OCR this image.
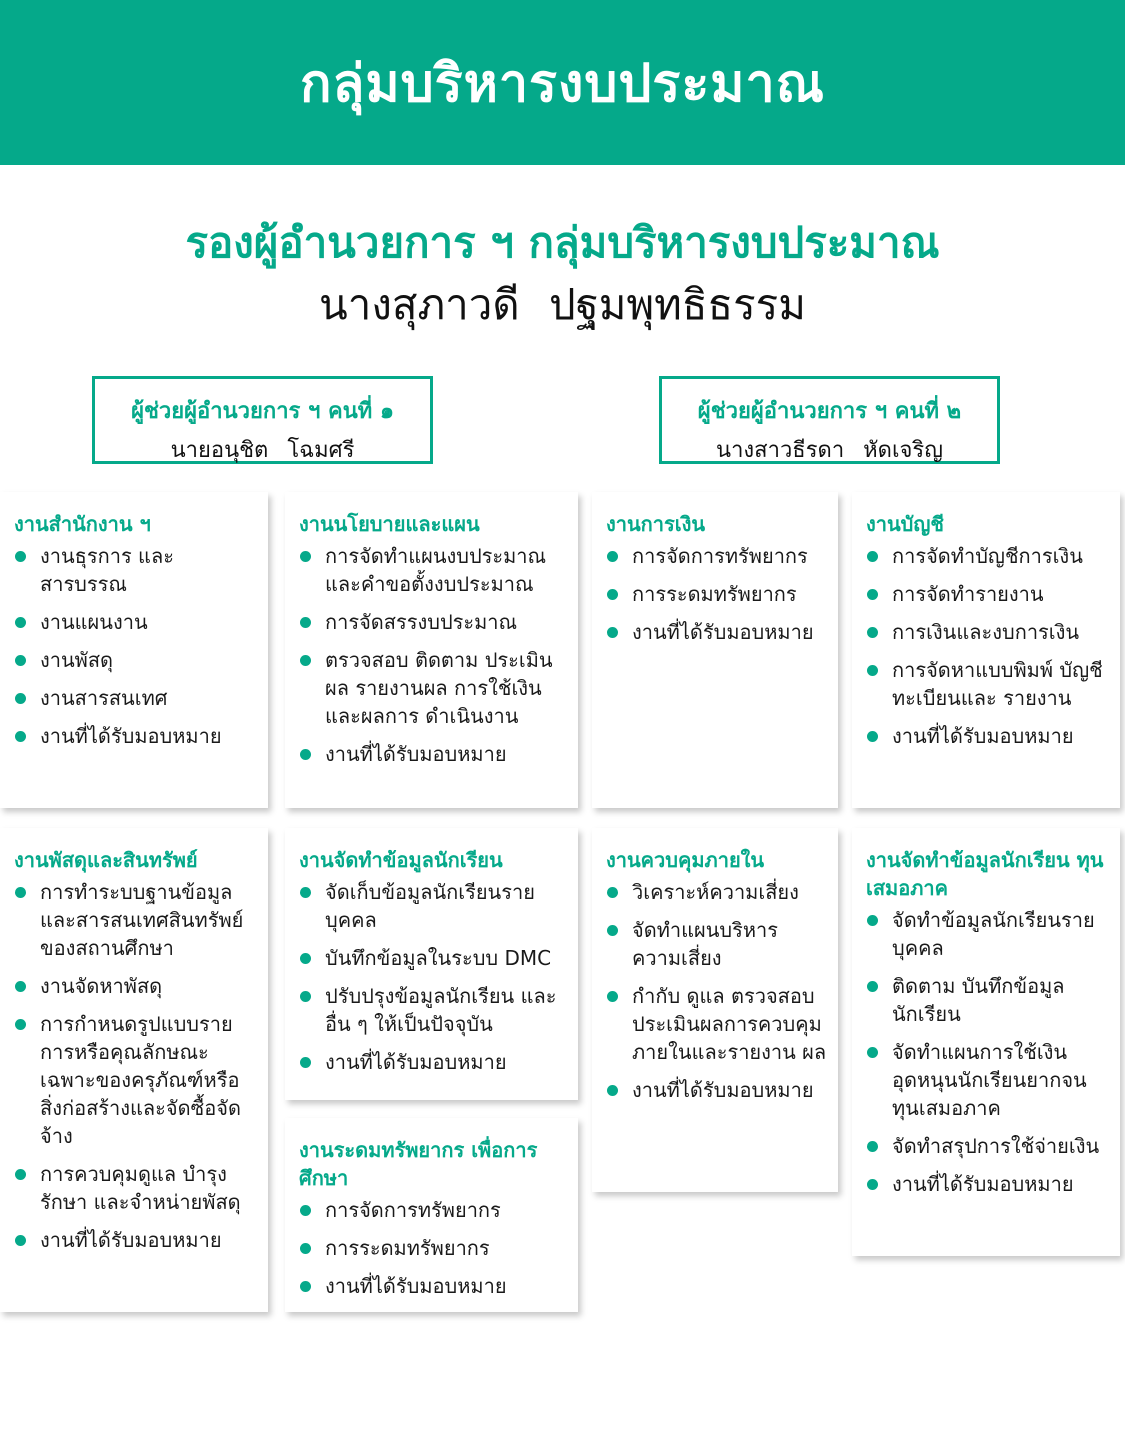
กลุ่มบริหารงบประมาณ
รองผู้อำนวยการ ฯ กลุ่มบริหารงบประมาณ
นางสุภาวดี ปฐมพุทธิธรรม
ผู้ช่วยผู้อำนวยการ ฯ คนที่ ๑
นายอนุชิต โฉมศรี
ผู้ช่วยผู้อำนวยการ ฯ คนที่ ๒
นางสาวธีรดา หัดเจริญ
งานสำนักงาน ฯ
งานธุรการ และสารบรรณ
งานแผนงาน
งานพัสดุ
งานสารสนเทศ
งานที่ได้รับมอบหมาย
งานนโยบายและแผน
การจัดทำแผนงบประมาณ และคำขอตั้งงบประมาณ
การจัดสรรงบประมาณ
ตรวจสอบ ติดตาม ประเมินผล รายงานผล การใช้เงินและผลการ ดำเนินงาน
งานที่ได้รับมอบหมาย
งานการเงิน
การจัดการทรัพยากร
การระดมทรัพยากร
งานที่ได้รับมอบหมาย
งานบัญชี
การจัดทำบัญชีการเงิน
การจัดทำรายงาน
การเงินและงบการเงิน
การจัดหาแบบพิมพ์ บัญชีทะเบียนและ รายงาน
งานที่ได้รับมอบหมาย
งานพัสดุและสินทรัพย์
การทำระบบฐานข้อมูล และสารสนเทศสินทรัพย์ ของสถานศึกษา
งานจัดหาพัสดุ
การกำหนดรูปแบบราย การหรือคุณลักษณะ เฉพาะของครุภัณฑ์หรือ สิ่งก่อสร้างและจัดซื้อจัด จ้าง
การควบคุมดูแล บำรุง รักษา และจำหน่ายพัสดุ
งานที่ได้รับมอบหมาย
งานจัดทำข้อมูลนักเรียน
จัดเก็บข้อมูลนักเรียนราย บุคคล
บันทึกข้อมูลในระบบ DMC
ปรับปรุงข้อมูลนักเรียน และอื่น ๆ ให้เป็นปัจจุบัน
งานที่ได้รับมอบหมาย
งานระดมทรัพยากร เพื่อการศึกษา
การจัดการทรัพยากร
การระดมทรัพยากร
งานที่ได้รับมอบหมาย
งานควบคุมภายใน
วิเคราะห์ความเสี่ยง
จัดทำแผนบริหาร ความเสี่ยง
กำกับ ดูแล ตรวจสอบ ประเมินผลการควบคุม ภายในและรายงาน ผล
งานที่ได้รับมอบหมาย
งานจัดทำข้อมูลนักเรียน ทุนเสมอภาค
จัดทำข้อมูลนักเรียนราย บุคคล
ติดตาม บันทึกข้อมูล นักเรียน
จัดทำแผนการใช้เงิน อุดหนุนนักเรียนยากจน ทุนเสมอภาค
จัดทำสรุปการใช้จ่ายเงิน
งานที่ได้รับมอบหมาย
